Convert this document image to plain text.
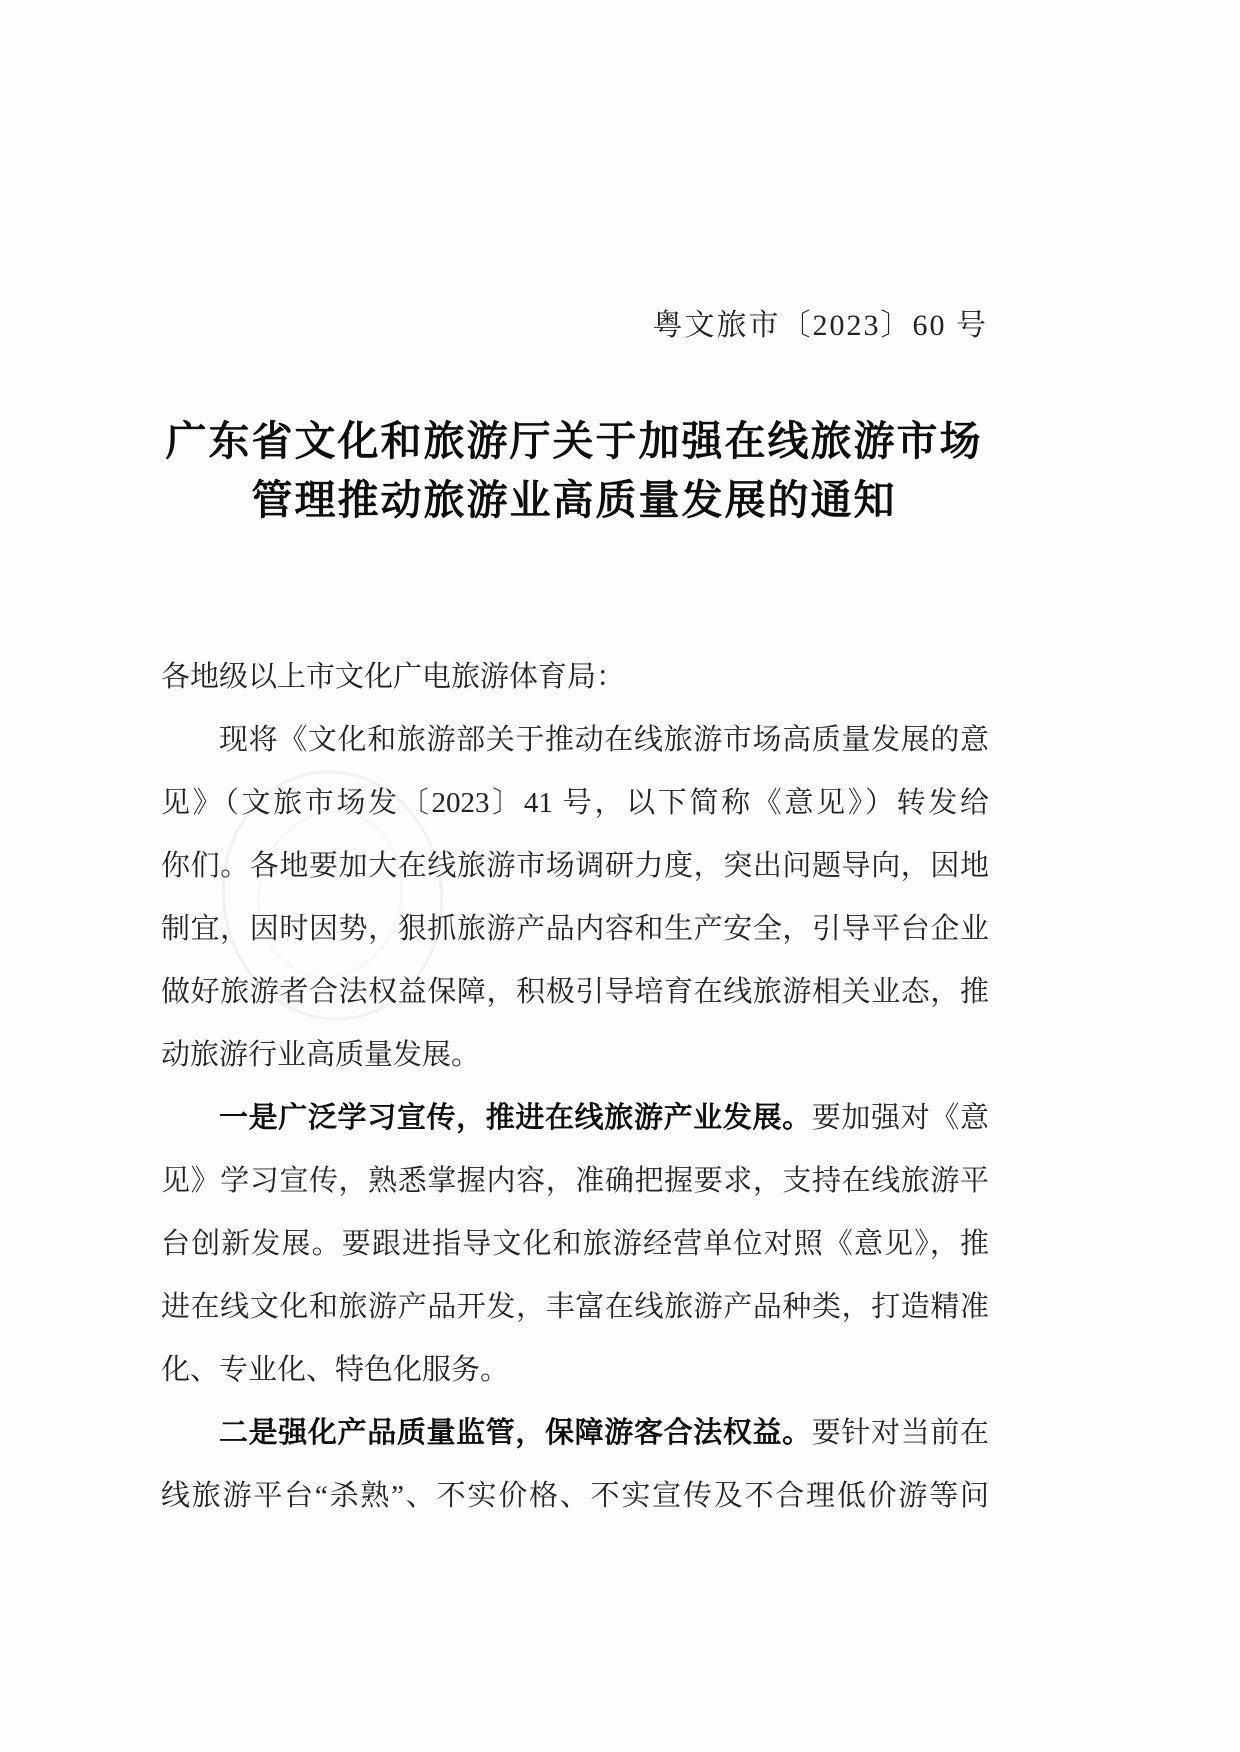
粤文旅市〔2023〕60 号
广东省文化和旅游厅关于加强在线旅游市场
管理推动旅游业高质量发展的通知
各地级以上市文化广电旅游体育局：
现将《文化和旅游部关于推动在线旅游市场高质量发展的意
见》（文旅市场发〔2023〕41 号，以下简称《意见》）转发给
你们。各地要加大在线旅游市场调研力度，突出问题导向，因地
制宜，因时因势，狠抓旅游产品内容和生产安全，引导平台企业
做好旅游者合法权益保障，积极引导培育在线旅游相关业态，推
动旅游行业高质量发展。
一是广泛学习宣传，推进在线旅游产业发展。要加强对《意
见》学习宣传，熟悉掌握内容，准确把握要求，支持在线旅游平
台创新发展。要跟进指导文化和旅游经营单位对照《意见》，推
进在线文化和旅游产品开发，丰富在线旅游产品种类，打造精准
化、专业化、特色化服务。
二是强化产品质量监管，保障游客合法权益。要针对当前在
线旅游平台“杀熟”、不实价格、不实宣传及不合理低价游等问
